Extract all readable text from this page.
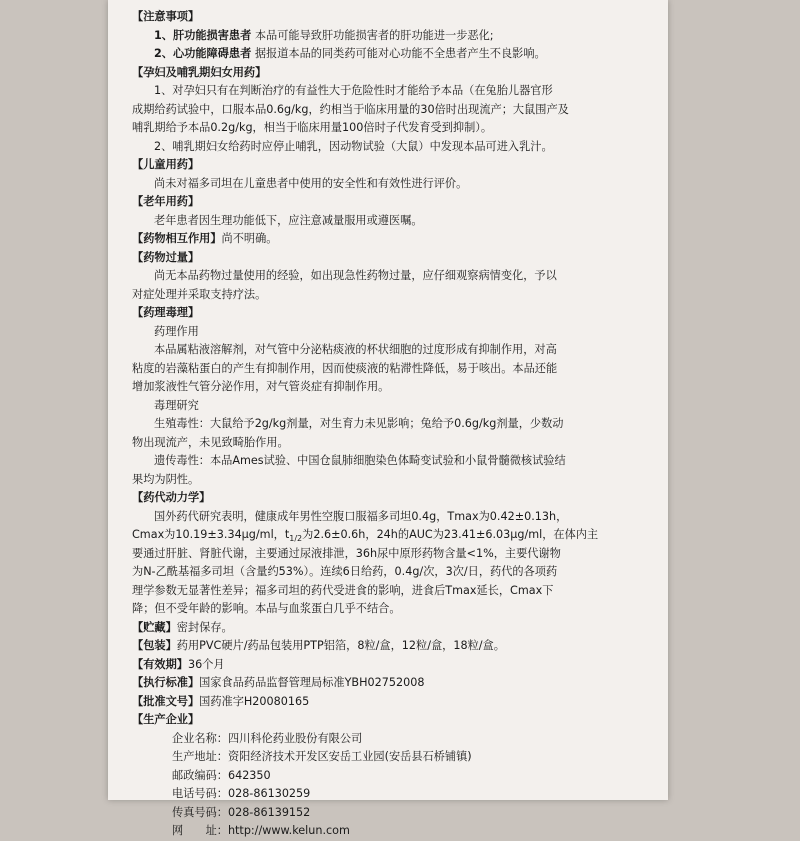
【注意事项】
1、肝功能损害患者 本品可能导致肝功能损害者的肝功能进一步恶化;
2、心功能障碍患者 据报道本品的同类药可能对心功能不全患者产生不良影响。
【孕妇及哺乳期妇女用药】
1、对孕妇只有在判断治疗的有益性大于危险性时才能给予本品（在兔胎儿器官形
成期给药试验中，口服本品0.6g/kg，约相当于临床用量的30倍时出现流产；大鼠围产及
哺乳期给予本品0.2g/kg，相当于临床用量100倍时子代发育受到抑制）。
2、哺乳期妇女给药时应停止哺乳，因动物试验（大鼠）中发现本品可进入乳汁。
【儿童用药】
尚未对福多司坦在儿童患者中使用的安全性和有效性进行评价。
【老年用药】
老年患者因生理功能低下，应注意减量服用或遵医嘱。
【药物相互作用】尚不明确。
【药物过量】
尚无本品药物过量使用的经验，如出现急性药物过量，应仔细观察病情变化，予以
对症处理并采取支持疗法。
【药理毒理】
药理作用
本品属粘液溶解剂，对气管中分泌粘痰液的杯状细胞的过度形成有抑制作用，对高
粘度的岩藻粘蛋白的产生有抑制作用，因而使痰液的粘滞性降低，易于咳出。本品还能
增加浆液性气管分泌作用，对气管炎症有抑制作用。
毒理研究
生殖毒性：大鼠给予2g/kg剂量，对生育力未见影响；兔给予0.6g/kg剂量，少数动
物出现流产，未见致畸胎作用。
遗传毒性：本品Ames试验、中国仓鼠肺细胞染色体畸变试验和小鼠骨髓微核试验结
果均为阴性。
【药代动力学】
国外药代研究表明，健康成年男性空腹口服福多司坦0.4g，Tmax为0.42±0.13h，
Cmax为10.19±3.34μg/ml，$t_{1/2}$为2.6±0.6h，24h的AUC为23.41±6.03μg/ml，在体内主
要通过肝脏、肾脏代谢，主要通过尿液排泄，36h尿中原形药物含量<1%，主要代谢物
为N-乙酰基福多司坦（含量约53%）。连续6日给药，0.4g/次，3次/日，药代的各项药
理学参数无显著性差异；福多司坦的药代受进食的影响，进食后Tmax延长，Cmax下
降；但不受年龄的影响。本品与血浆蛋白几乎不结合。
【贮藏】密封保存。
【包装】药用PVC硬片/药品包装用PTP铝箔，8粒/盒，12粒/盒，18粒/盒。
【有效期】36个月
【执行标准】国家食品药品监督管理局标准YBH02752008
【批准文号】国药准字H20080165
【生产企业】
企业名称：四川科伦药业股份有限公司
生产地址：资阳经济技术开发区安岳工业园(安岳县石桥铺镇)
邮政编码：642350
电话号码：028-86130259
传真号码：028-86139152
网　　址：http://www.kelun.com
